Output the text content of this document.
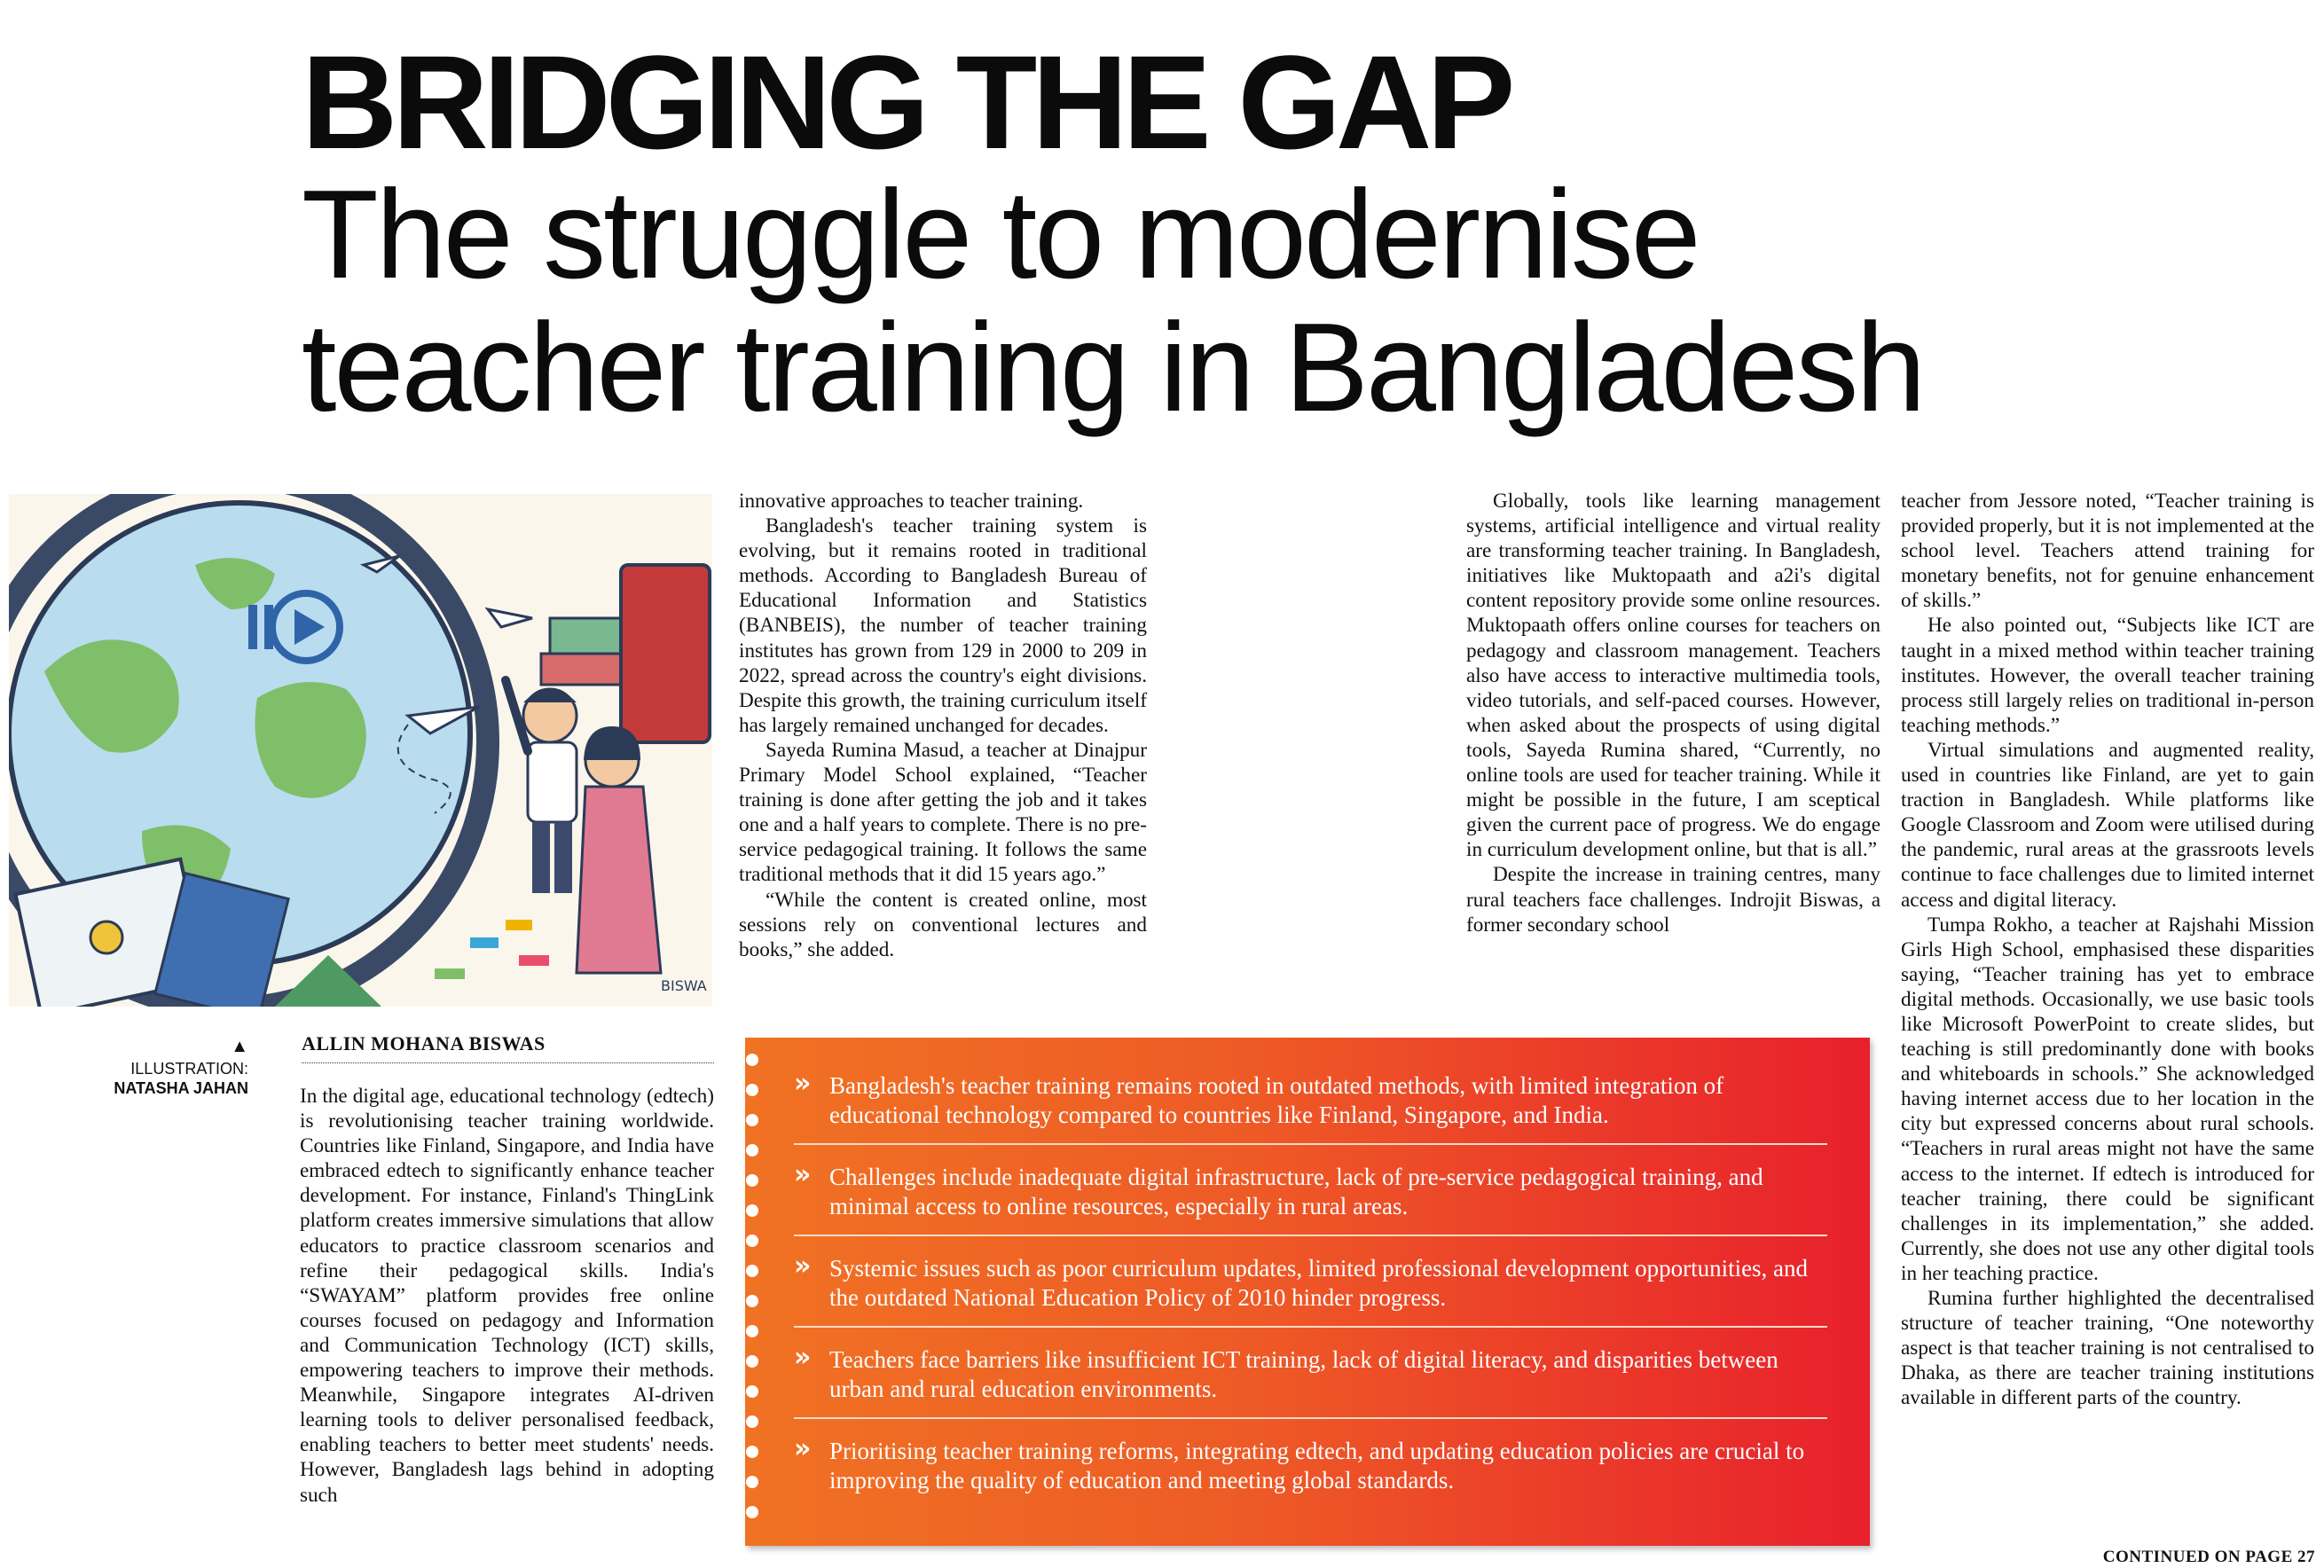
BRIDGING THE GAP
The struggle to modernise
teacher training in Bangladesh
BISWA
▲
ILLUSTRATION:
NATASHA JAHAN
ALLIN MOHANA BISWAS

In the digital age, educational technology (edtech) is revolutionising teacher training worldwide. Countries like Finland, Singapore, and India have embraced edtech to significantly enhance teacher development. For instance, Finland's ThingLink platform creates immersive simulations that allow educators to practice classroom scenarios and refine their pedagogical skills. India's “SWAYAM” platform provides free online courses focused on pedagogy and Information and Communication Technology (ICT) skills, empowering teachers to improve their methods. Meanwhile, Singapore integrates AI-driven learning tools to deliver personalised feedback, enabling teachers to better meet students' needs. However, Bangladesh lags behind in adopting such

innovative approaches to teacher training.

Bangladesh's teacher training system is evolving, but it remains rooted in traditional methods. According to Bangladesh Bureau of Educational Information and Statistics (BANBEIS), the number of teacher training institutes has grown from 129 in 2000 to 209 in 2022, spread across the country's eight divisions. Despite this growth, the training curriculum itself has largely remained unchanged for decades.

Sayeda Rumina Masud, a teacher at Dinajpur Primary Model School explained, “Teacher training is done after getting the job and it takes one and a half years to complete. There is no pre-service pedagogical training. It follows the same traditional methods that it did 15 years ago.”

“While the content is created online, most sessions rely on conventional lectures and books,” she added.

Globally, tools like learning management systems, artificial intelligence and virtual reality are transforming teacher training. In Bangladesh, initiatives like Muktopaath and a2i's digital content repository provide some online resources. Muktopaath offers online courses for teachers on pedagogy and classroom management. Teachers also have access to interactive multimedia tools, video tutorials, and self-paced courses. However, when asked about the prospects of using digital tools, Sayeda Rumina shared, “Currently, no online tools are used for teacher training. While it might be possible in the future, I am sceptical given the current pace of progress. We do engage in curriculum development online, but that is all.”

Despite the increase in training centres, many rural teachers face challenges. Indrojit Biswas, a former secondary school

teacher from Jessore noted, “Teacher training is provided properly, but it is not implemented at the school level. Teachers attend training for monetary benefits, not for genuine enhancement of skills.”

He also pointed out, “Subjects like ICT are taught in a mixed method within teacher training institutes. However, the overall teacher training process still largely relies on traditional in-person teaching methods.”

Virtual simulations and augmented reality, used in countries like Finland, are yet to gain traction in Bangladesh. While platforms like Google Classroom and Zoom were utilised during the pandemic, rural areas at the grassroots levels continue to face challenges due to limited internet access and digital literacy.

Tumpa Rokho, a teacher at Rajshahi Mission Girls High School, emphasised these disparities saying, “Teacher training has yet to embrace digital methods. Occasionally, we use basic tools like Microsoft PowerPoint to create slides, but teaching is still predominantly done with books and whiteboards in schools.” She acknowledged having internet access due to her location in the city but expressed concerns about rural schools. “Teachers in rural areas might not have the same access to the internet. If edtech is introduced for teacher training, there could be significant challenges in its implementation,” she added. Currently, she does not use any other digital tools in her teaching practice.

Rumina further highlighted the decentralised structure of teacher training, “One noteworthy aspect is that teacher training is not centralised to Dhaka, as there are teacher training institutions available in different parts of the country.

» Bangladesh's teacher training remains rooted in outdated methods, with limited integration of educational technology compared to countries like Finland, Singapore, and India.
» Challenges include inadequate digital infrastructure, lack of pre-service pedagogical training, and minimal access to online resources, especially in rural areas.
» Systemic issues such as poor curriculum updates, limited professional development opportunities, and the outdated National Education Policy of 2010 hinder progress.
» Teachers face barriers like insufficient ICT training, lack of digital literacy, and disparities between urban and rural education environments.
» Prioritising teacher training reforms, integrating edtech, and updating education policies are crucial to improving the quality of education and meeting global standards.
CONTINUED ON PAGE 27
